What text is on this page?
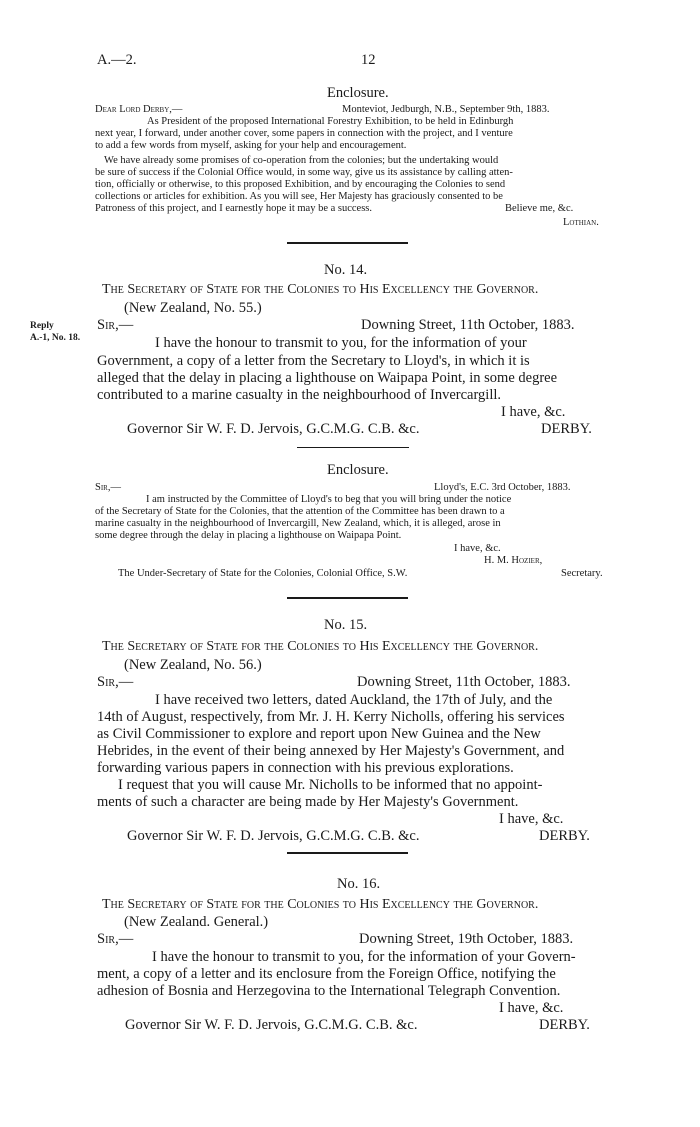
A.—2.	12
Enclosure.
Dear Lord Derby,—	Monteviot, Jedburgh, N.B., September 9th, 1883.
As President of the proposed International Forestry Exhibition, to be held in Edinburgh
next year, I forward, under another cover, some papers in connection with the project, and I venture
to add a few words from myself, asking for your help and encouragement.
We have already some promises of co-operation from the colonies; but the undertaking would
be sure of success if the Colonial Office would, in some way, give us its assistance by calling atten-
tion, officially or otherwise, to this proposed Exhibition, and by encouraging the Colonies to send
collections or articles for exhibition. As you will see, Her Majesty has graciously consented to be
Patroness of this project, and I earnestly hope it may be a success.	Believe me, &c.
Lothian.
No. 14.
The Secretary of State for the Colonies to His Excellency the Governor.
(New Zealand, No. 55.)
Sir,—	Downing Street, 11th October, 1883.
Reply
A.-1, No. 18.	I have the honour to transmit to you, for the information of your
Government, a copy of a letter from the Secretary to Lloyd's, in which it is
alleged that the delay in placing a lighthouse on Waipapa Point, in some degree
contributed to a marine casualty in the neighbourhood of Invercargill.
I have, &c.
Governor Sir W. F. D. Jervois, G.C.M.G. C.B. &c.	DERBY.
Enclosure.
Sir,—	Lloyd's, E.C. 3rd October, 1883.
I am instructed by the Committee of Lloyd's to beg that you will bring under the notice
of the Secretary of State for the Colonies, that the attention of the Committee has been drawn to a
marine casualty in the neighbourhood of Invercargill, New Zealand, which, it is alleged, arose in
some degree through the delay in placing a lighthouse on Waipapa Point.
I have, &c.
H. M. Hozier,
The Under-Secretary of State for the Colonies, Colonial Office, S.W.	Secretary.
No. 15.
The Secretary of State for the Colonies to His Excellency the Governor.
(New Zealand, No. 56.)
Sir,—	Downing Street, 11th October, 1883.
I have received two letters, dated Auckland, the 17th of July, and the
14th of August, respectively, from Mr. J. H. Kerry Nicholls, offering his services
as Civil Commissioner to explore and report upon New Guinea and the New
Hebrides, in the event of their being annexed by Her Majesty's Government, and
forwarding various papers in connection with his previous explorations.
I request that you will cause Mr. Nicholls to be informed that no appoint-
ments of such a character are being made by Her Majesty's Government.
I have, &c.
Governor Sir W. F. D. Jervois, G.C.M.G. C.B. &c.	DERBY.
No. 16.
The Secretary of State for the Colonies to His Excellency the Governor.
(New Zealand. General.)
Sir,—	Downing Street, 19th October, 1883.
I have the honour to transmit to you, for the information of your Govern-
ment, a copy of a letter and its enclosure from the Foreign Office, notifying the
adhesion of Bosnia and Herzegovina to the International Telegraph Convention.
I have, &c.
Governor Sir W. F. D. Jervois, G.C.M.G. C.B. &c.	DERBY.
